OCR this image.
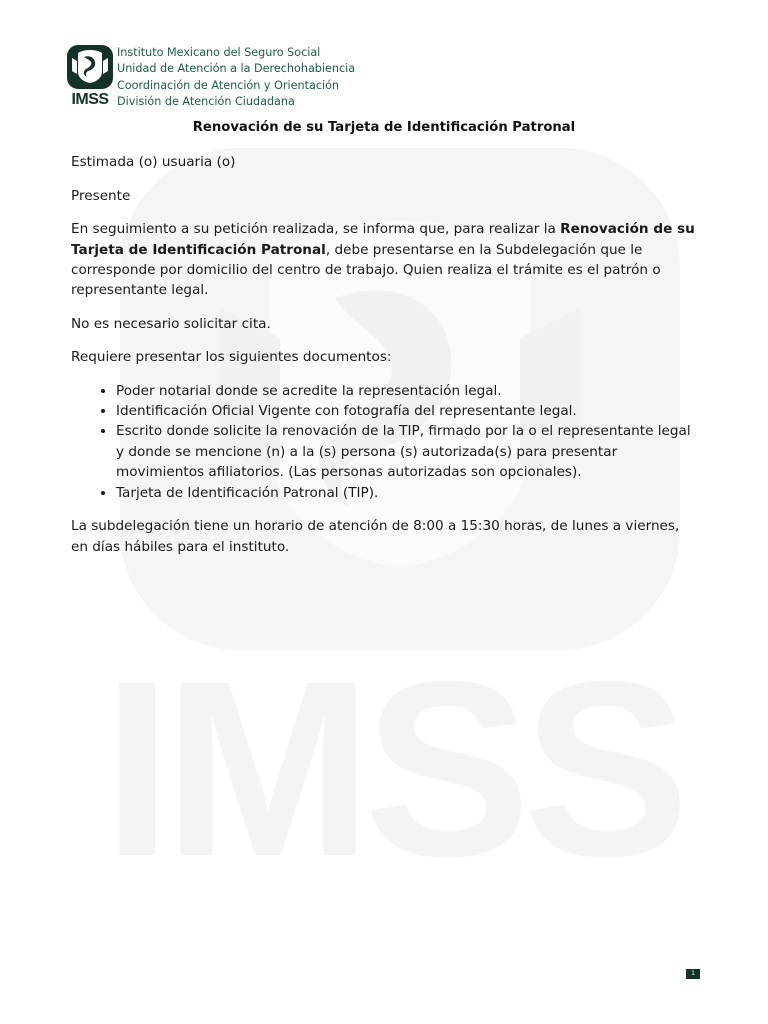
IMSS
IMSS
Instituto Mexicano del Seguro Social
Unidad de Atención a la Derechohabiencia
Coordinación de Atención y Orientación
División de Atención Ciudadana
Renovación de su Tarjeta de Identificación Patronal

Estimada (o) usuaria (o)

Presente

En seguimiento a su petición realizada, se informa que, para realizar la Renovación de su Tarjeta de Identificación Patronal, debe presentarse en la Subdelegación que le corresponde por domicilio del centro de trabajo. Quien realiza el trámite es el patrón o representante legal.

No es necesario solicitar cita.

Requiere presentar los siguientes documentos:

• Poder notarial donde se acredite la representación legal.
• Identificación Oficial Vigente con fotografía del representante legal.
• Escrito donde solicite la renovación de la TIP, firmado por la o el representante legal y donde se mencione (n) a la (s) persona (s) autorizada(s) para presentar movimientos afiliatorios. (Las personas autorizadas son opcionales).
• Tarjeta de Identificación Patronal (TIP).

La subdelegación tiene un horario de atención de 8:00 a 15:30 horas, de lunes a viernes, en días hábiles para el instituto.

1
